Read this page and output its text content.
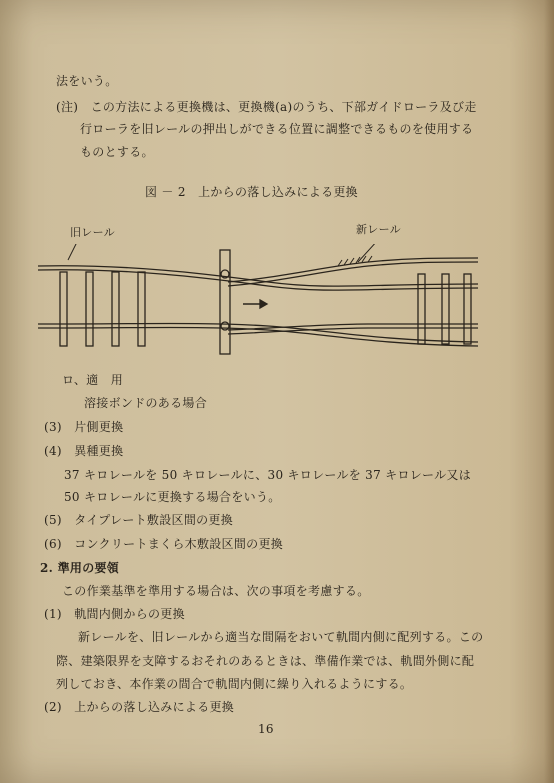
法をいう。
(注)　この方法による更換機は、更換機(a)のうち、下部ガイドローラ及び走
行ローラを旧レールの押出しができる位置に調整できるものを使用する
ものとする。
図 － 2　上からの落し込みによる更換
旧レール	新レール
ロ、適　用
溶接ボンドのある場合
(3)　片側更換
(4)　異種更換
37 キロレールを 50 キロレールに、30 キロレールを 37 キロレール又は
50 キロレールに更換する場合をいう。
(5)　タイプレート敷設区間の更換
(6)　コンクリートまくら木敷設区間の更換
2. 準用の要領
この作業基準を準用する場合は、次の事項を考慮する。
(1)　軌間内側からの更換
新レールを、旧レールから適当な間隔をおいて軌間内側に配列する。この
際、建築限界を支障するおそれのあるときは、準備作業では、軌間外側に配
列しておき、本作業の間合で軌間内側に繰り入れるようにする。
(2)　上からの落し込みによる更換
16
